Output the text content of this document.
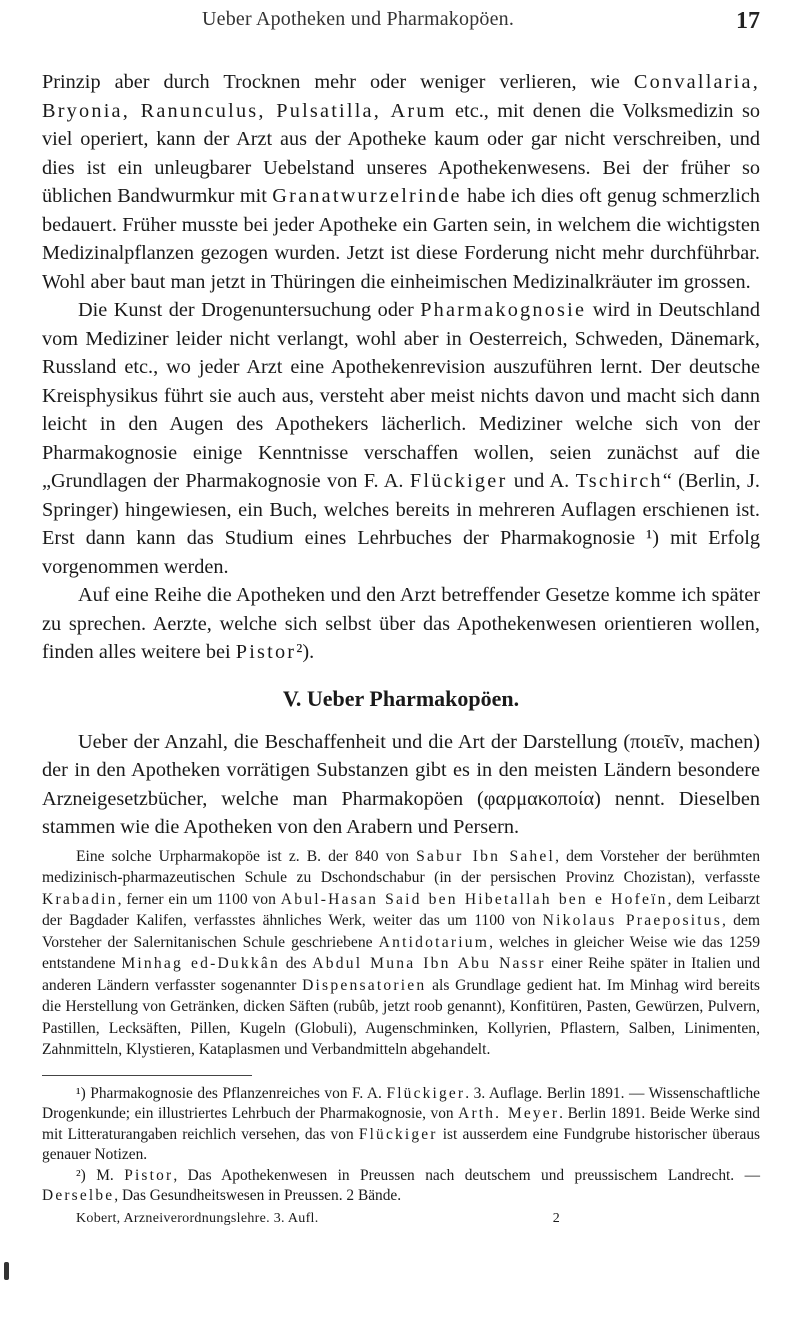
Ueber Apotheken und Pharmakopöen.	17

Prinzip aber durch Trocknen mehr oder weniger verlieren, wie Convallaria, Bryonia, Ranunculus, Pulsatilla, Arum etc., mit denen die Volksmedizin so viel operiert, kann der Arzt aus der Apotheke kaum oder gar nicht verschreiben, und dies ist ein unleugbarer Uebelstand unseres Apothekenwesens. Bei der früher so üblichen Bandwurmkur mit Granatwurzelrinde habe ich dies oft genug schmerzlich bedauert. Früher musste bei jeder Apotheke ein Garten sein, in welchem die wichtigsten Medizinalpflanzen gezogen wurden. Jetzt ist diese Forderung nicht mehr durchführbar. Wohl aber baut man jetzt in Thüringen die einheimischen Medizinalkräuter im grossen.

Die Kunst der Drogenuntersuchung oder Pharmakognosie wird in Deutschland vom Mediziner leider nicht verlangt, wohl aber in Oesterreich, Schweden, Dänemark, Russland etc., wo jeder Arzt eine Apothekenrevision auszuführen lernt. Der deutsche Kreisphysikus führt sie auch aus, versteht aber meist nichts davon und macht sich dann leicht in den Augen des Apothekers lächerlich. Mediziner welche sich von der Pharmakognosie einige Kenntnisse verschaffen wollen, seien zunächst auf die „Grundlagen der Pharmakognosie von F. A. Flückiger und A. Tschirch“ (Berlin, J. Springer) hingewiesen, ein Buch, welches bereits in mehreren Auflagen erschienen ist. Erst dann kann das Studium eines Lehrbuches der Pharmakognosie ¹) mit Erfolg vorgenommen werden.

Auf eine Reihe die Apotheken und den Arzt betreffender Gesetze komme ich später zu sprechen. Aerzte, welche sich selbst über das Apothekenwesen orientieren wollen, finden alles weitere bei Pistor²).

V. Ueber Pharmakopöen.

Ueber der Anzahl, die Beschaffenheit und die Art der Darstellung (ποιεῖν, machen) der in den Apotheken vorrätigen Substanzen gibt es in den meisten Ländern besondere Arzneigesetzbücher, welche man Pharmakopöen (φαρμακοποία) nennt. Dieselben stammen wie die Apotheken von den Arabern und Persern.

Eine solche Urpharmakopöe ist z. B. der 840 von Sabur Ibn Sahel, dem Vorsteher der berühmten medizinisch-pharmazeutischen Schule zu Dschondschabur (in der persischen Provinz Chozistan), verfasste Krabadin, ferner ein um 1100 von Abul-Hasan Said ben Hibetallah ben e Hofeïn, dem Leibarzt der Bagdader Kalifen, verfasstes ähnliches Werk, weiter das um 1100 von Nikolaus Praepositus, dem Vorsteher der Salernitanischen Schule geschriebene Antidotarium, welches in gleicher Weise wie das 1259 entstandene Minhag ed-Dukkân des Abdul Muna Ibn Abu Nassr einer Reihe später in Italien und anderen Ländern verfasster sogenannter Dispensatorien als Grundlage gedient hat. Im Minhag wird bereits die Herstellung von Getränken, dicken Säften (rubûb, jetzt roob genannt), Konfitüren, Pasten, Gewürzen, Pulvern, Pastillen, Lecksäften, Pillen, Kugeln (Globuli), Augenschminken, Kollyrien, Pflastern, Salben, Linimenten, Zahnmitteln, Klystieren, Kataplasmen und Verbandmitteln abgehandelt.

¹) Pharmakognosie des Pflanzenreiches von F. A. Flückiger. 3. Auflage. Berlin 1891. — Wissenschaftliche Drogenkunde; ein illustriertes Lehrbuch der Pharmakognosie, von Arth. Meyer. Berlin 1891. Beide Werke sind mit Litteraturangaben reichlich versehen, das von Flückiger ist ausserdem eine Fundgrube historischer überaus genauer Notizen.

²) M. Pistor, Das Apothekenwesen in Preussen nach deutschem und preussischem Landrecht. — Derselbe, Das Gesundheitswesen in Preussen. 2 Bände.

Kobert, Arzneiverordnungslehre. 3. Aufl.	2
